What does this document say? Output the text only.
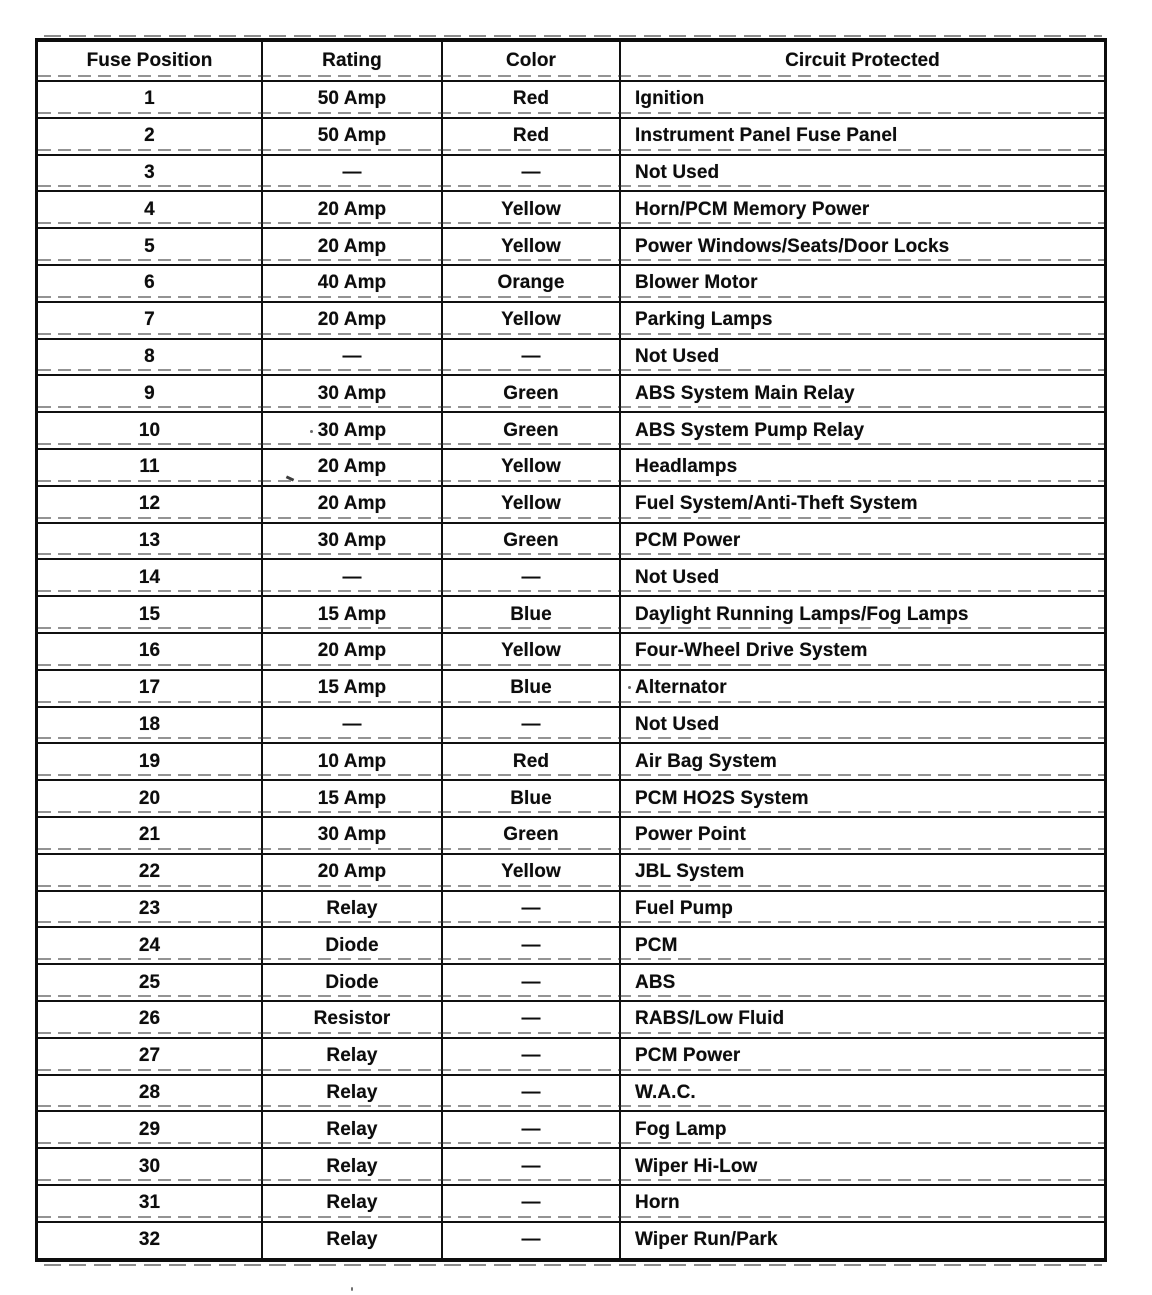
Fuse Position	Rating	Color	Circuit Protected
1	50 Amp	Red	Ignition
2	50 Amp	Red	Instrument Panel Fuse Panel
3	—	—	Not Used
4	20 Amp	Yellow	Horn/PCM Memory Power
5	20 Amp	Yellow	Power Windows/Seats/Door Locks
6	40 Amp	Orange	Blower Motor
7	20 Amp	Yellow	Parking Lamps
8	—	—	Not Used
9	30 Amp	Green	ABS System Main Relay
10	30 Amp	Green	ABS System Pump Relay
11	20 Amp	Yellow	Headlamps
12	20 Amp	Yellow	Fuel System/Anti-Theft System
13	30 Amp	Green	PCM Power
14	—	—	Not Used
15	15 Amp	Blue	Daylight Running Lamps/Fog Lamps
16	20 Amp	Yellow	Four-Wheel Drive System
17	15 Amp	Blue	Alternator
18	—	—	Not Used
19	10 Amp	Red	Air Bag System
20	15 Amp	Blue	PCM HO2S System
21	30 Amp	Green	Power Point
22	20 Amp	Yellow	JBL System
23	Relay	—	Fuel Pump
24	Diode	—	PCM
25	Diode	—	ABS
26	Resistor	—	RABS/Low Fluid
27	Relay	—	PCM Power
28	Relay	—	W.A.C.
29	Relay	—	Fog Lamp
30	Relay	—	Wiper Hi-Low
31	Relay	—	Horn
32	Relay	—	Wiper Run/Park
